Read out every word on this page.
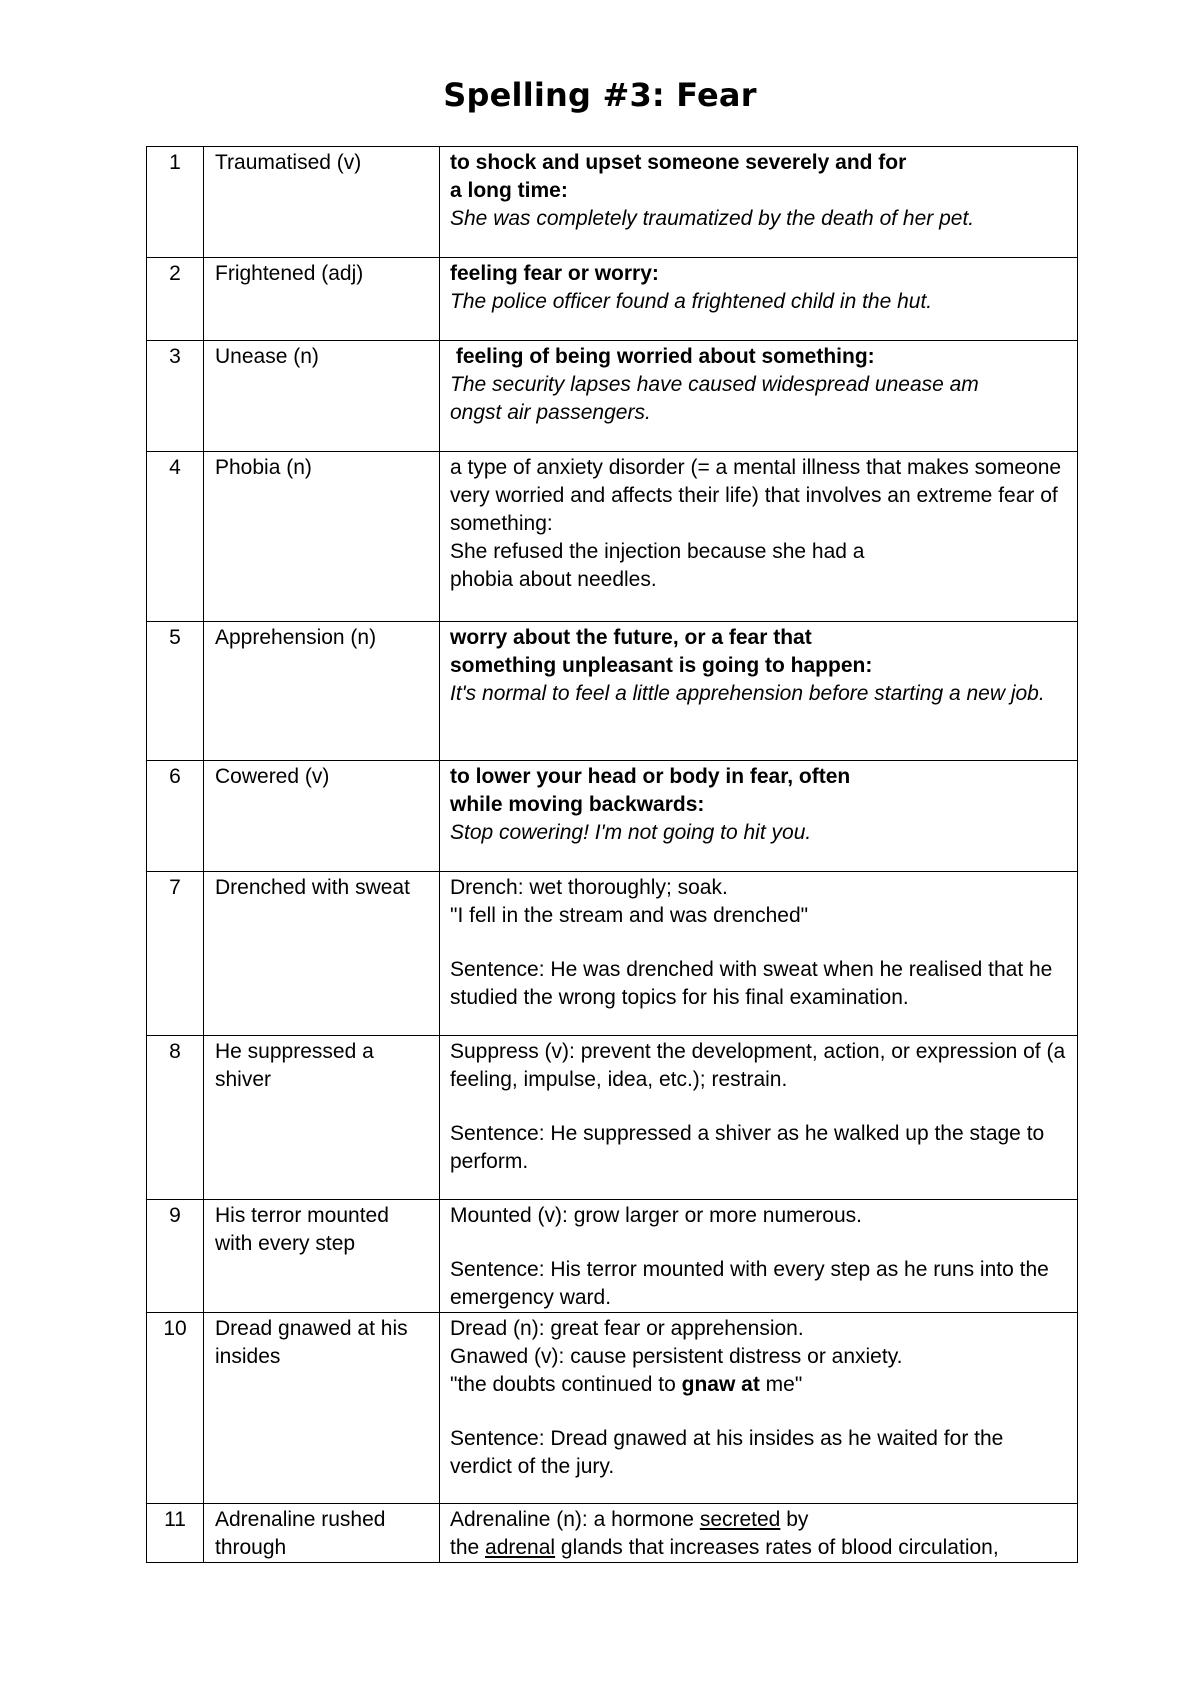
Spelling #3: Fear
1	Traumatised (v)	to shock and upset someone severely and for
a long time:
She was completely traumatized by the death of her pet.

2	Frightened (adj)	feeling fear or worry:
The police officer found a frightened child in the hut.

3	Unease (n)	feeling of being worried about something:
The security lapses have caused widespread unease am
ongst air passengers.

4	Phobia (n)	a type of anxiety disorder (= a mental illness that makes someone
very worried and affects their life) that involves an extreme fear of something:
She refused the injection because she had a
phobia about needles.

5	Apprehension (n)	worry about the future, or a fear that
something unpleasant is going to happen:
It's normal to feel a little apprehension before starting a new job.

6	Cowered (v)	to lower your head or body in fear, often
while moving backwards:
Stop cowering! I'm not going to hit you.

7	Drenched with sweat	Drench: wet thoroughly; soak.
"I fell in the stream and was drenched"
Sentence: He was drenched with sweat when he realised that he studied the wrong topics for his final examination.

8	He suppressed a shiver	Suppress (v): prevent the development, action, or expression of (a feeling, impulse, idea, etc.); restrain.
Sentence: He suppressed a shiver as he walked up the stage to perform.

9	His terror mounted with every step	Mounted (v): grow larger or more numerous.
Sentence: His terror mounted with every step as he runs into the emergency ward.

10	Dread gnawed at his insides	Dread (n): great fear or apprehension.
Gnawed (v): cause persistent distress or anxiety.
"the doubts continued to gnaw at me"
Sentence: Dread gnawed at his insides as he waited for the verdict of the jury.

11	Adrenaline rushed through	Adrenaline (n): a hormone secreted by
the adrenal glands that increases rates of blood circulation,
